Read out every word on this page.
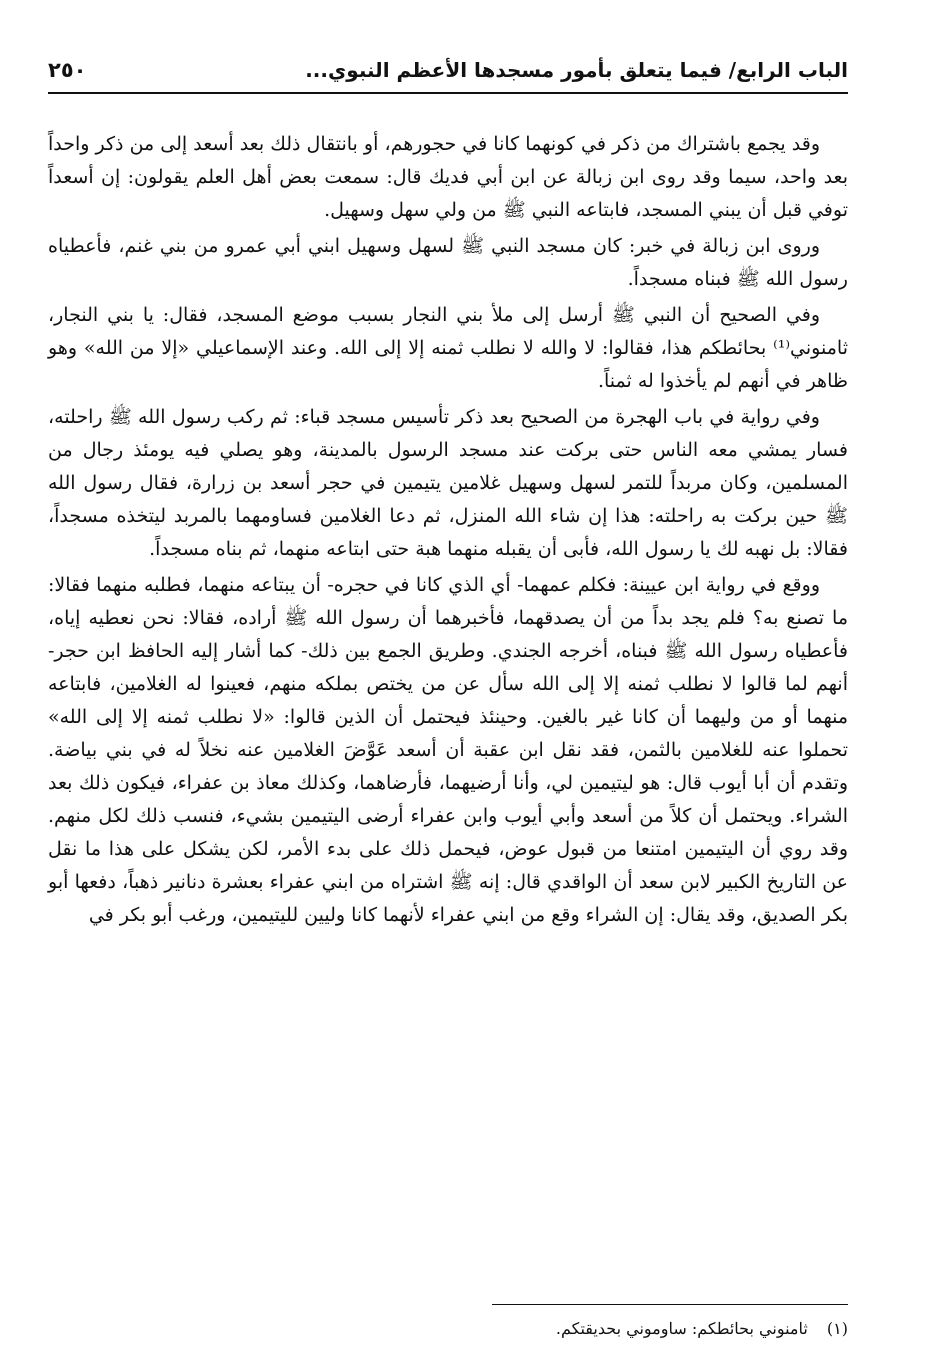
الباب الرابع/ فيما يتعلق بأمور مسجدها الأعظم النبوي...
٢٥٠

وقد يجمع باشتراك من ذكر في كونهما كانا في حجورهم، أو بانتقال ذلك بعد أسعد إلى من ذكر واحداً بعد واحد، سيما وقد روى ابن زبالة عن ابن أبي فديك قال: سمعت بعض أهل العلم يقولون: إن أسعداً توفي قبل أن يبني المسجد، فابتاعه النبي ﷺ من ولي سهل وسهيل.

وروى ابن زبالة في خبر: كان مسجد النبي ﷺ لسهل وسهيل ابني أبي عمرو من بني غنم، فأعطياه رسول الله ﷺ فبناه مسجداً.

وفي الصحيح أن النبي ﷺ أرسل إلى ملأ بني النجار بسبب موضع المسجد، فقال: يا بني النجار، ثامنوني⁽¹⁾ بحائطكم هذا، فقالوا: لا والله لا نطلب ثمنه إلا إلى الله. وعند الإسماعيلي «إلا من الله» وهو ظاهر في أنهم لم يأخذوا له ثمناً.

وفي رواية في باب الهجرة من الصحيح بعد ذكر تأسيس مسجد قباء: ثم ركب رسول الله ﷺ راحلته، فسار يمشي معه الناس حتى بركت عند مسجد الرسول بالمدينة، وهو يصلي فيه يومئذ رجال من المسلمين، وكان مربداً للتمر لسهل وسهيل غلامين يتيمين في حجر أسعد بن زرارة، فقال رسول الله ﷺ حين بركت به راحلته: هذا إن شاء الله المنزل، ثم دعا الغلامين فساومهما بالمربد ليتخذه مسجداً، فقالا: بل نهبه لك يا رسول الله، فأبى أن يقبله منهما هبة حتى ابتاعه منهما، ثم بناه مسجداً.

ووقع في رواية ابن عيينة: فكلم عمهما- أي الذي كانا في حجره- أن يبتاعه منهما، فطلبه منهما فقالا: ما تصنع به؟ فلم يجد بداً من أن يصدقهما، فأخبرهما أن رسول الله ﷺ أراده، فقالا: نحن نعطيه إياه، فأعطياه رسول الله ﷺ فبناه، أخرجه الجندي. وطريق الجمع بين ذلك- كما أشار إليه الحافظ ابن حجر- أنهم لما قالوا لا نطلب ثمنه إلا إلى الله سأل عن من يختص بملكه منهم، فعينوا له الغلامين، فابتاعه منهما أو من وليهما أن كانا غير بالغين. وحينئذ فيحتمل أن الذين قالوا: «لا نطلب ثمنه إلا إلى الله» تحملوا عنه للغلامين بالثمن، فقد نقل ابن عقبة أن أسعد عَوَّضَ الغلامين عنه نخلاً له في بني بياضة. وتقدم أن أبا أيوب قال: هو ليتيمين لي، وأنا أرضيهما، فأرضاهما، وكذلك معاذ بن عفراء، فيكون ذلك بعد الشراء. ويحتمل أن كلاً من أسعد وأبي أيوب وابن عفراء أرضى اليتيمين بشيء، فنسب ذلك لكل منهم. وقد روي أن اليتيمين امتنعا من قبول عوض، فيحمل ذلك على بدء الأمر، لكن يشكل على هذا ما نقل عن التاريخ الكبير لابن سعد أن الواقدي قال: إنه ﷺ اشتراه من ابني عفراء بعشرة دنانير ذهباً، دفعها أبو بكر الصديق، وقد يقال: إن الشراء وقع من ابني عفراء لأنهما كانا وليين لليتيمين، ورغب أبو بكر في

(١) ثامنوني بحائطكم: ساوموني بحديقتكم.
